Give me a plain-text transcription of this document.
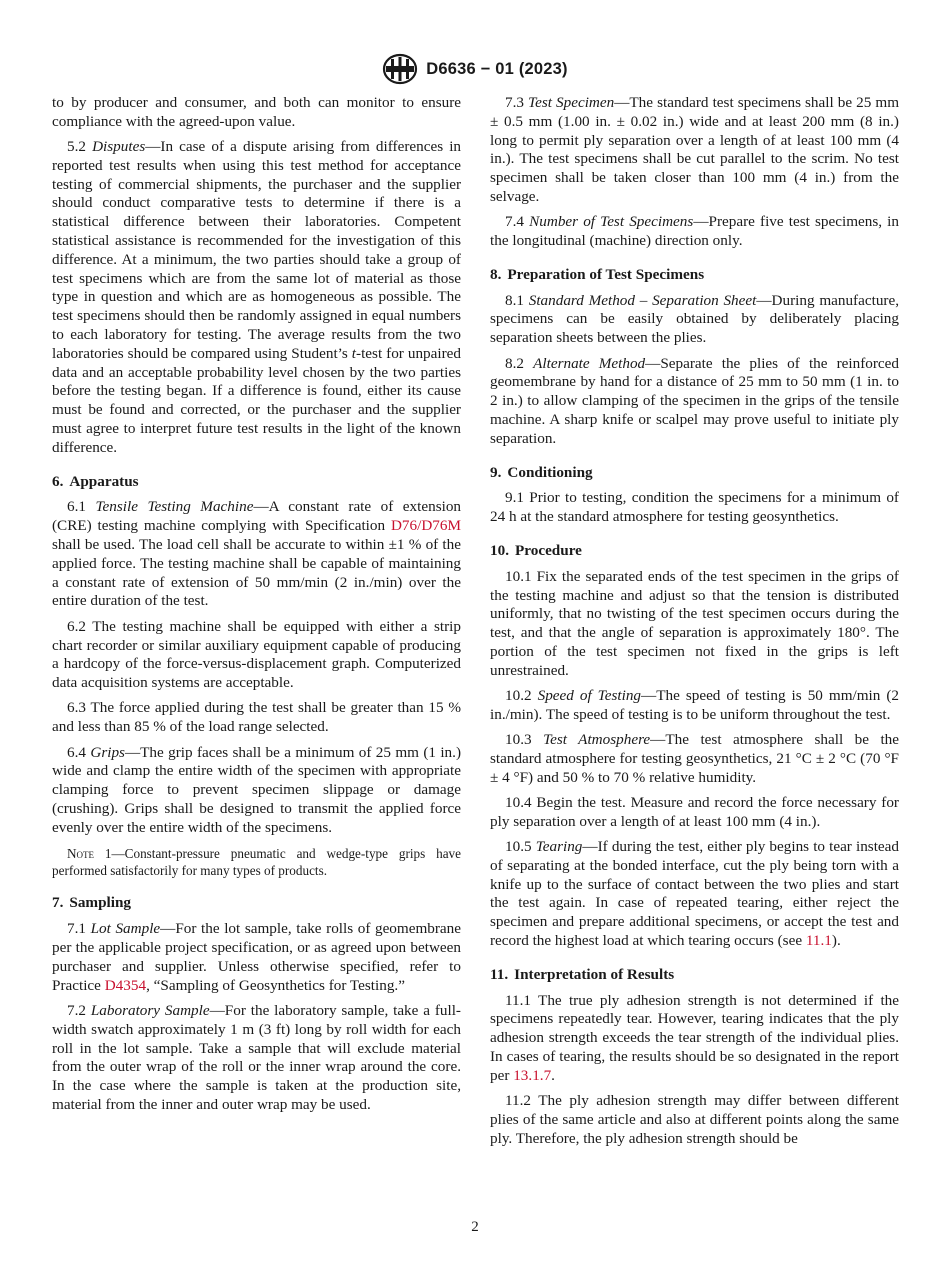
D6636 − 01 (2023)

to by producer and consumer, and both can monitor to ensure compliance with the agreed-upon value.

5.2 Disputes—In case of a dispute arising from differences in reported test results when using this test method for acceptance testing of commercial shipments, the purchaser and the supplier should conduct comparative tests to determine if there is a statistical difference between their laboratories. Competent statistical assistance is recommended for the investigation of this difference. At a minimum, the two parties should take a group of test specimens which are from the same lot of material as those type in question and which are as homogeneous as possible. The test specimens should then be randomly assigned in equal numbers to each laboratory for testing. The average results from the two laboratories should be compared using Student’s t-test for unpaired data and an acceptable probability level chosen by the two parties before the testing began. If a difference is found, either its cause must be found and corrected, or the purchaser and the supplier must agree to interpret future test results in the light of the known difference.

6. Apparatus

6.1 Tensile Testing Machine—A constant rate of extension (CRE) testing machine complying with Specification D76/D76M shall be used. The load cell shall be accurate to within ±1 % of the applied force. The testing machine shall be capable of maintaining a constant rate of extension of 50 mm/min (2 in./min) over the entire duration of the test.

6.2 The testing machine shall be equipped with either a strip chart recorder or similar auxiliary equipment capable of producing a hardcopy of the force-versus-displacement graph. Computerized data acquisition systems are acceptable.

6.3 The force applied during the test shall be greater than 15 % and less than 85 % of the load range selected.

6.4 Grips—The grip faces shall be a minimum of 25 mm (1 in.) wide and clamp the entire width of the specimen with appropriate clamping force to prevent specimen slippage or damage (crushing). Grips shall be designed to transmit the applied force evenly over the entire width of the specimens.

Note 1—Constant-pressure pneumatic and wedge-type grips have performed satisfactorily for many types of products.
7. Sampling

7.1 Lot Sample—For the lot sample, take rolls of geomembrane per the applicable project specification, or as agreed upon between purchaser and supplier. Unless otherwise specified, refer to Practice D4354, “Sampling of Geosynthetics for Testing.”

7.2 Laboratory Sample—For the laboratory sample, take a full-width swatch approximately 1 m (3 ft) long by roll width for each roll in the lot sample. Take a sample that will exclude material from the outer wrap of the roll or the inner wrap around the core. In the case where the sample is taken at the production site, material from the inner and outer wrap may be used.

7.3 Test Specimen—The standard test specimens shall be 25 mm ± 0.5 mm (1.00 in. ± 0.02 in.) wide and at least 200 mm (8 in.) long to permit ply separation over a length of at least 100 mm (4 in.). The test specimens shall be cut parallel to the scrim. No test specimen shall be taken closer than 100 mm (4 in.) from the selvage.

7.4 Number of Test Specimens—Prepare five test specimens, in the longitudinal (machine) direction only.

8. Preparation of Test Specimens

8.1 Standard Method – Separation Sheet—During manufacture, specimens can be easily obtained by deliberately placing separation sheets between the plies.

8.2 Alternate Method—Separate the plies of the reinforced geomembrane by hand for a distance of 25 mm to 50 mm (1 in. to 2 in.) to allow clamping of the specimen in the grips of the tensile machine. A sharp knife or scalpel may prove useful to initiate ply separation.

9. Conditioning

9.1 Prior to testing, condition the specimens for a minimum of 24 h at the standard atmosphere for testing geosynthetics.

10. Procedure

10.1 Fix the separated ends of the test specimen in the grips of the testing machine and adjust so that the tension is distributed uniformly, that no twisting of the test specimen occurs during the test, and that the angle of separation is approximately 180°. The portion of the test specimen not fixed in the grips is left unrestrained.

10.2 Speed of Testing—The speed of testing is 50 mm/min (2 in./min). The speed of testing is to be uniform throughout the test.

10.3 Test Atmosphere—The test atmosphere shall be the standard atmosphere for testing geosynthetics, 21 °C ± 2 °C (70 °F ± 4 °F) and 50 % to 70 % relative humidity.

10.4 Begin the test. Measure and record the force necessary for ply separation over a length of at least 100 mm (4 in.).

10.5 Tearing—If during the test, either ply begins to tear instead of separating at the bonded interface, cut the ply being torn with a knife up to the surface of contact between the two plies and start the test again. In case of repeated tearing, either reject the specimen and prepare additional specimens, or accept the test and record the highest load at which tearing occurs (see 11.1).

11. Interpretation of Results

11.1 The true ply adhesion strength is not determined if the specimens repeatedly tear. However, tearing indicates that the ply adhesion strength exceeds the tear strength of the individual plies. In cases of tearing, the results should be so designated in the report per 13.1.7.

11.2 The ply adhesion strength may differ between different plies of the same article and also at different points along the same ply. Therefore, the ply adhesion strength should be

2
